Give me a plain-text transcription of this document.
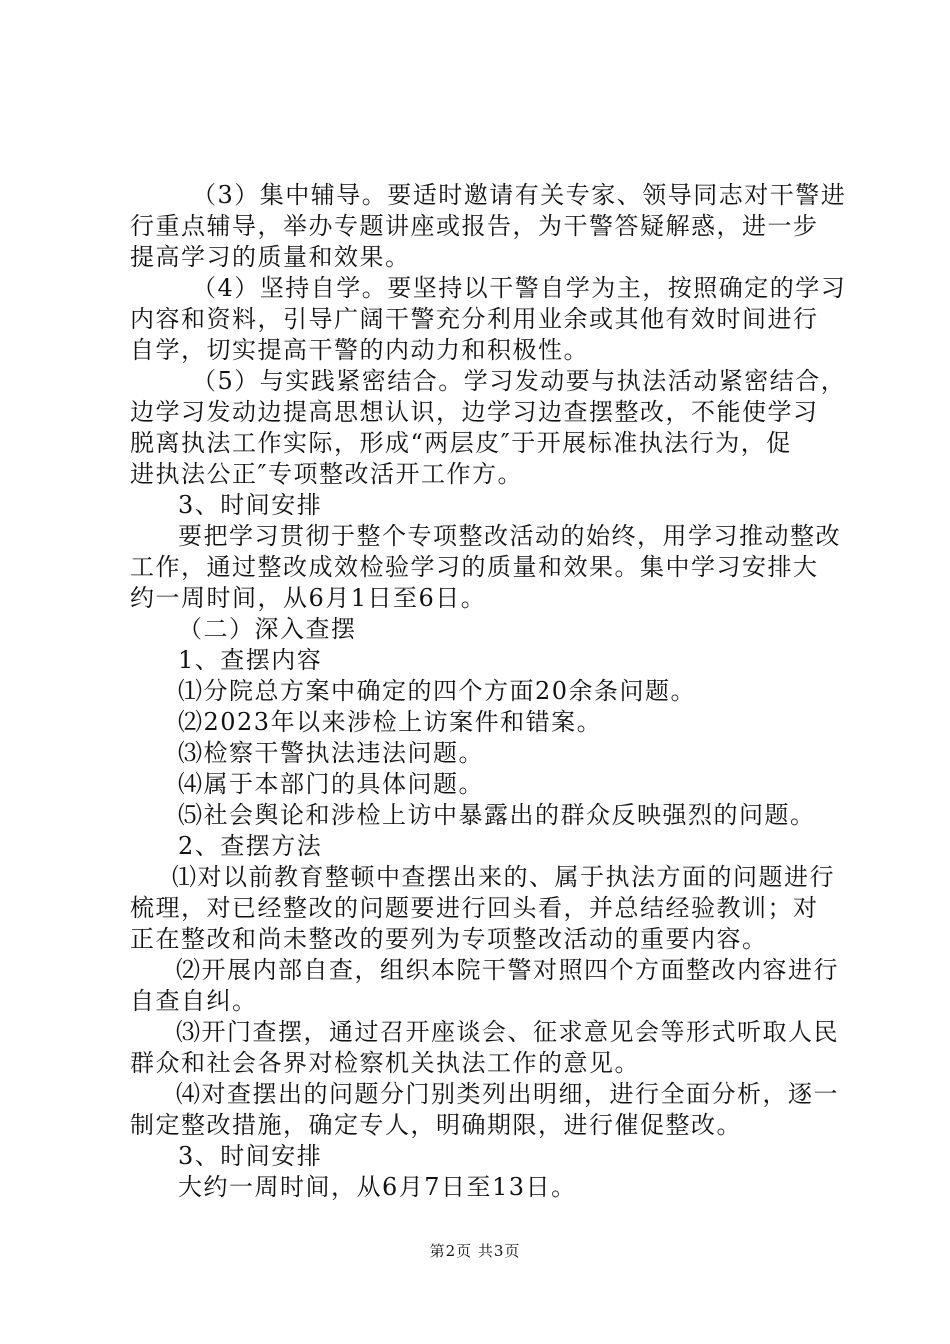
（3）集中辅导。要适时邀请有关专家、领导同志对干警进
行重点辅导，举办专题讲座或报告，为干警答疑解惑，进一步
提高学习的质量和效果。
（4）坚持自学。要坚持以干警自学为主，按照确定的学习
内容和资料，引导广阔干警充分利用业余或其他有效时间进行
自学，切实提高干警的内动力和积极性。
（5）与实践紧密结合。学习发动要与执法活动紧密结合，
边学习发动边提高思想认识，边学习边查摆整改，不能使学习
脱离执法工作实际，形成“两层皮″于开展标准执法行为，促
进执法公正″专项整改活开工作方。
3、时间安排
要把学习贯彻于整个专项整改活动的始终，用学习推动整改
工作，通过整改成效检验学习的质量和效果。集中学习安排大
约一周时间，从6月1日至6日。
（二）深入查摆
1、查摆内容
⑴分院总方案中确定的四个方面20余条问题。
⑵2023年以来涉检上访案件和错案。
⑶检察干警执法违法问题。
⑷属于本部门的具体问题。
⑸社会舆论和涉检上访中暴露出的群众反映强烈的问题。
2、查摆方法
⑴对以前教育整顿中查摆出来的、属于执法方面的问题进行
梳理，对已经整改的问题要进行回头看，并总结经验教训；对
正在整改和尚未整改的要列为专项整改活动的重要内容。
⑵开展内部自查，组织本院干警对照四个方面整改内容进行
自查自纠。
⑶开门查摆，通过召开座谈会、征求意见会等形式听取人民
群众和社会各界对检察机关执法工作的意见。
⑷对查摆出的问题分门别类列出明细，进行全面分析，逐一
制定整改措施，确定专人，明确期限，进行催促整改。
3、时间安排
大约一周时间，从6月7日至13日。
第2页 共3页
